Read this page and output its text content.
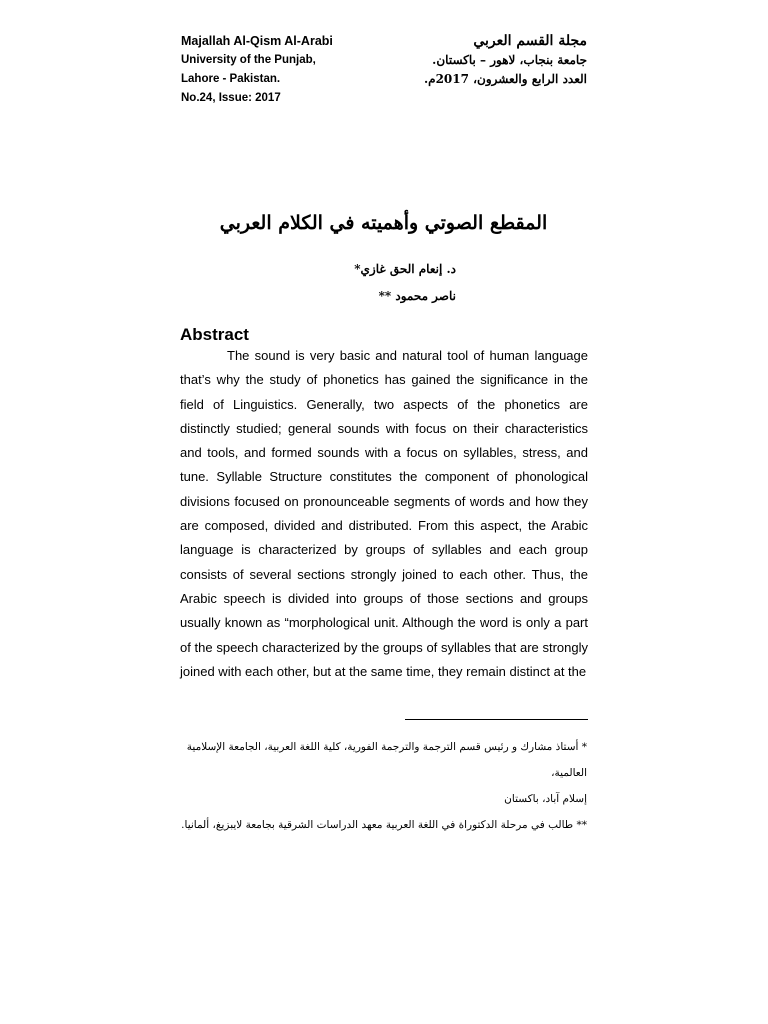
Majallah Al-Qism Al-Arabi
University of the Punjab,
Lahore - Pakistan.
No.24, Issue: 2017
مجلة القسم العربي
جامعة بنجاب، لاهور – باكستان.
العدد الرابع والعشرون، 2017م.
المقطع الصوتي وأهميته في الكلام العربي
د. إنعام الحق غازي*
ناصر محمود **
Abstract
The sound is very basic and natural tool of human language that’s why the study of phonetics has gained the significance in the field of Linguistics. Generally, two aspects of the phonetics are distinctly studied; general sounds with focus on their characteristics and tools, and formed sounds with a focus on syllables, stress, and tune. Syllable Structure constitutes the component of phonological divisions focused on pronounceable segments of words and how they are composed, divided and distributed. From this aspect, the Arabic language is characterized by groups of syllables and each group consists of several sections strongly joined to each other. Thus, the Arabic speech is divided into groups of those sections and groups usually known as “morphological unit. Although the word is only a part of the speech characterized by the groups of syllables that are strongly joined with each other, but at the same time, they remain distinct at the
* أستاذ مشارك و رئيس قسم الترجمة والترجمة الفورية، كلية اللغة العربية، الجامعة الإسلامية العالمية،
إسلام آباد، باكستان
** طالب في مرحلة الدكتوراة في اللغة العربية معهد الدراسات الشرقية بجامعة لايبزيغ، ألمانيا.
